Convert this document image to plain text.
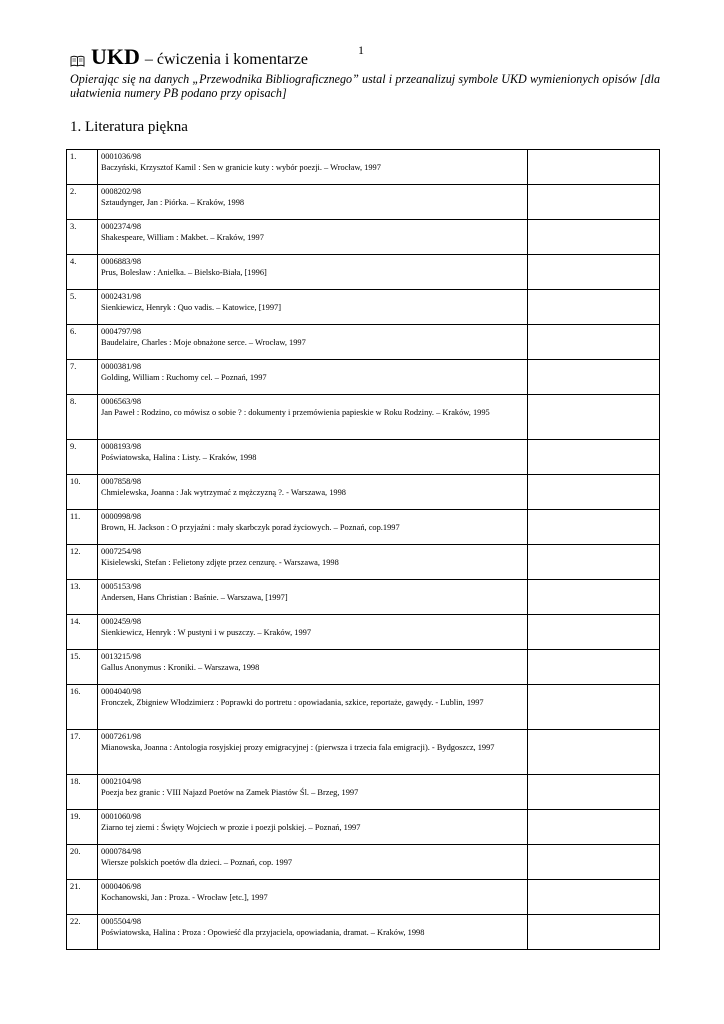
1
UKD – ćwiczenia i komentarze
Opierając się na danych „Przewodnika Bibliograficznego” ustal i przeanalizuj symbole UKD wymienionych opisów [dla ułatwienia numery PB podano przy opisach]
1. Literatura piękna
1.	0001036/98
Baczyński, Krzysztof Kamil : Sen w granicie kuty : wybór poezji. – Wrocław, 1997	

2.	0008202/98
Sztaudynger, Jan : Piórka. – Kraków, 1998	

3.	0002374/98
Shakespeare, William : Makbet. – Kraków, 1997	

4.	0006883/98
Prus, Bolesław : Anielka. – Bielsko-Biała, [1996]	

5.	0002431/98
Sienkiewicz, Henryk : Quo vadis. – Katowice, [1997]	

6.	0004797/98
Baudelaire, Charles : Moje obnażone serce. – Wrocław, 1997	

7.	0000381/98
Golding, William : Ruchomy cel. – Poznań, 1997	

8.	0006563/98
Jan Paweł : Rodzino, co mówisz o sobie ? : dokumenty i przemówienia papieskie w Roku Rodziny. – Kraków, 1995	

9.	0008193/98
Poświatowska, Halina : Listy. – Kraków, 1998	

10.	0007858/98
Chmielewska, Joanna : Jak wytrzymać z mężczyzną ?. - Warszawa, 1998	

11.	0000998/98
Brown, H. Jackson : O przyjaźni : mały skarbczyk porad życiowych. – Poznań, cop.1997	

12.	0007254/98
Kisielewski, Stefan : Felietony zdjęte przez cenzurę. - Warszawa, 1998	

13.	0005153/98
Andersen, Hans Christian : Baśnie. – Warszawa, [1997]	

14.	0002459/98
Sienkiewicz, Henryk : W pustyni i w puszczy. – Kraków, 1997	

15.	0013215/98
Gallus Anonymus : Kroniki. – Warszawa, 1998	

16.	0004040/98
Fronczek, Zbigniew Włodzimierz : Poprawki do portretu : opowiadania, szkice, reportaże, gawędy. - Lublin, 1997	

17.	0007261/98
Mianowska, Joanna : Antologia rosyjskiej prozy emigracyjnej : (pierwsza i trzecia fala emigracji). - Bydgoszcz, 1997	

18.	0002104/98
Poezja bez granic : VIII Najazd Poetów na Zamek Piastów Śl. – Brzeg, 1997	

19.	0001060/98
Ziarno tej ziemi : Święty Wojciech w prozie i poezji polskiej. – Poznań, 1997	

20.	0000784/98
Wiersze polskich poetów dla dzieci. – Poznań, cop. 1997	

21.	0000406/98
Kochanowski, Jan : Proza. - Wrocław [etc.], 1997	

22.	0005504/98
Poświatowska, Halina : Proza : Opowieść dla przyjaciela, opowiadania, dramat. – Kraków, 1998	
